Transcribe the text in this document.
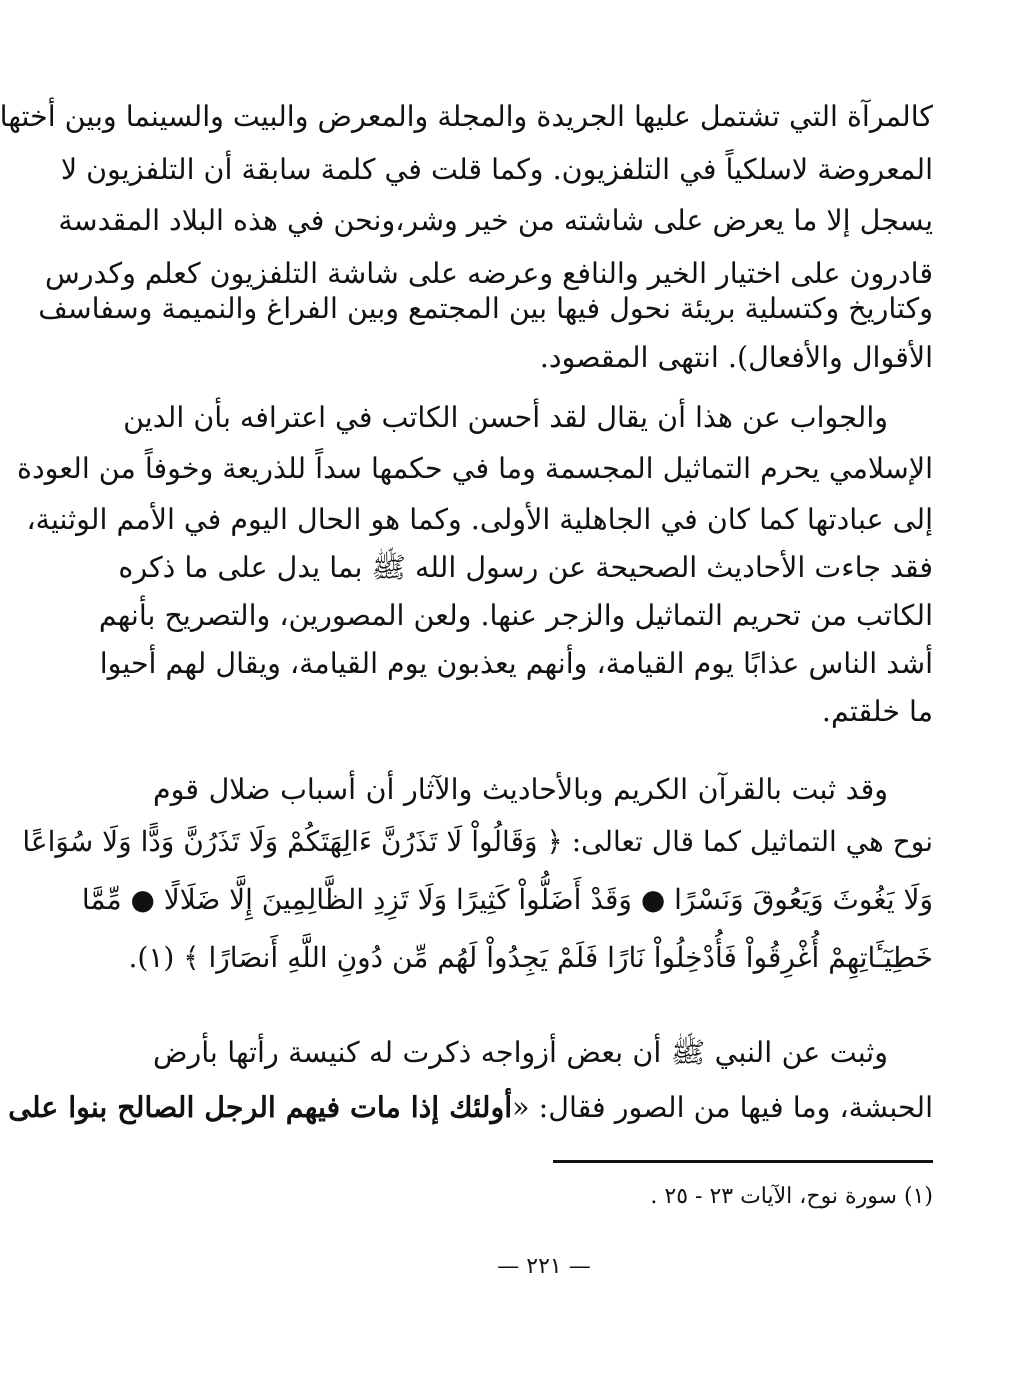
كالمرآة التي تشتمل عليها الجريدة والمجلة والمعرض والبيت والسينما وبين أختها
المعروضة لاسلكياً في التلفزيون. وكما قلت في كلمة سابقة أن التلفزيون لا
يسجل إلا ما يعرض على شاشته من خير وشر،ونحن في هذه البلاد المقدسة
قادرون على اختيار الخير والنافع وعرضه على شاشة التلفزيون كعلم وكدرس
وكتاريخ وكتسلية بريئة نحول فيها بين المجتمع وبين الفراغ والنميمة وسفاسف
الأقوال والأفعال). انتهى المقصود.
والجواب عن هذا أن يقال لقد أحسن الكاتب في اعترافه بأن الدين
الإسلامي يحرم التماثيل المجسمة وما في حكمها سداً للذريعة وخوفاً من العودة
إلى عبادتها كما كان في الجاهلية الأولى. وكما هو الحال اليوم في الأمم الوثنية،
فقد جاءت الأحاديث الصحيحة عن رسول الله ﷺ بما يدل على ما ذكره
الكاتب من تحريم التماثيل والزجر عنها. ولعن المصورين، والتصريح بأنهم
أشد الناس عذابًا يوم القيامة، وأنهم يعذبون يوم القيامة، ويقال لهم أحيوا
ما خلقتم.
وقد ثبت بالقرآن الكريم وبالأحاديث والآثار أن أسباب ضلال قوم
نوح هي التماثيل كما قال تعالى: ﴿ وَقَالُواْ لَا تَذَرُنَّ ءَالِهَتَكُمْ وَلَا تَذَرُنَّ وَدًّا وَلَا سُوَاعًا
وَلَا يَغُوثَ وَيَعُوقَ وَنَسْرًا ● وَقَدْ أَضَلُّواْ كَثِيرًا وَلَا تَزِدِ الظَّالِمِينَ إِلَّا ضَلَالًا ● مِّمَّا
خَطِيٓـَٔاتِهِمْ أُغْرِقُواْ فَأُدْخِلُواْ نَارًا فَلَمْ يَجِدُواْ لَهُم مِّن دُونِ اللَّهِ أَنصَارًا ﴾ (١).
وثبت عن النبي ﷺ أن بعض أزواجه ذكرت له كنيسة رأتها بأرض
الحبشة، وما فيها من الصور فقال: «أولئك إذا مات فيهم الرجل الصالح بنوا على
(١) سورة نوح، الآيات ٢٣ - ٢٥ .
— ٢٢١ —
